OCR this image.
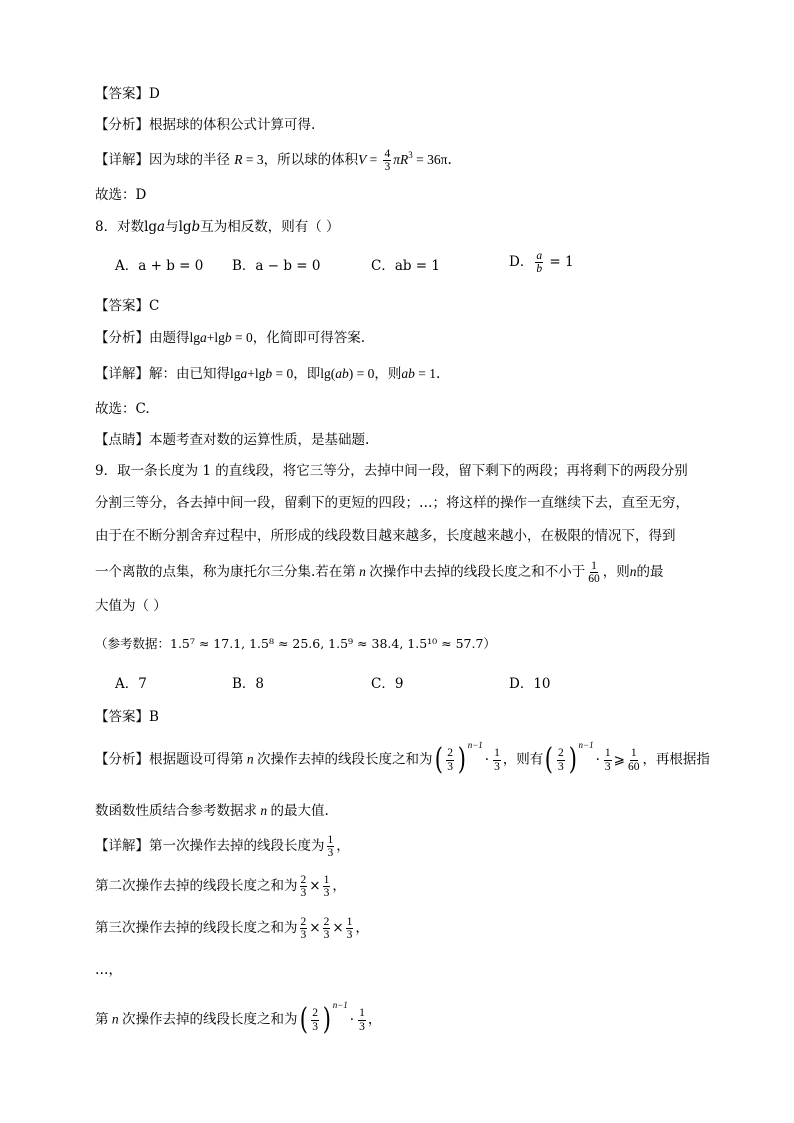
【答案】D
【分析】根据球的体积公式计算可得.
【详解】因为球的半径 R = 3，所以球的体积$V = \frac{4}{3} \pi R^3 = 36\pi$.
故选：D
8．对数lg𝑎与lg𝑏互为相反数，则有（ ）
A．a + b = 0 B．a − b = 0	C．ab = 1	D． $\frac{a}{b} = 1$
【答案】C
【分析】由题得lga+lgb = 0，化简即可得答案.
【详解】解：由已知得lga+lgb = 0，即lg(ab) = 0，则ab = 1.
故选：C.
【点睛】本题考查对数的运算性质，是基础题.
9．取一条长度为 1 的直线段，将它三等分，去掉中间一段，留下剩下的两段；再将剩下的两段分别
分割三等分，各去掉中间一段，留剩下的更短的四段；…；将这样的操作一直继续下去，直至无穷，
由于在不断分割舍弃过程中，所形成的线段数目越来越多，长度越来越小，在极限的情况下，得到
一个离散的点集，称为康托尔三分集.若在第 n 次操作中去掉的线段长度之和不小于 $\frac{1}{60}$ ，则n的最
大值为（ ）
（参考数据：1.5⁷ ≈ 17.1, 1.5⁸ ≈ 25.6, 1.5⁹ ≈ 38.4, 1.5¹⁰ ≈ 57.7）
A．7	B．8	C．9	D．10
【答案】B
【分析】根据题设可得第 n 次操作去掉的线段长度之和为( $\frac{2}{3}$ ) $^{n-1}\cdot \frac{1}{3}$ ，则有( $\frac{2}{3}$ ) $^{n-1}\cdot \frac{1}{3}$ ⩾ $\frac{1}{60}$ ，再根据指
数函数性质结合参考数据求 n 的最大值.
【详解】第一次操作去掉的线段长度为 $\frac{1}{3}$ ，
第二次操作去掉的线段长度之和为 $\frac{2}{3} \times \frac{1}{3}$ ，
第三次操作去掉的线段长度之和为 $\frac{2}{3} \times \frac{2}{3} \times \frac{1}{3}$ ，
…，
第 n 次操作去掉的线段长度之和为( $\frac{2}{3}$ ) $^{n-1}\cdot \frac{1}{3}$ ，
